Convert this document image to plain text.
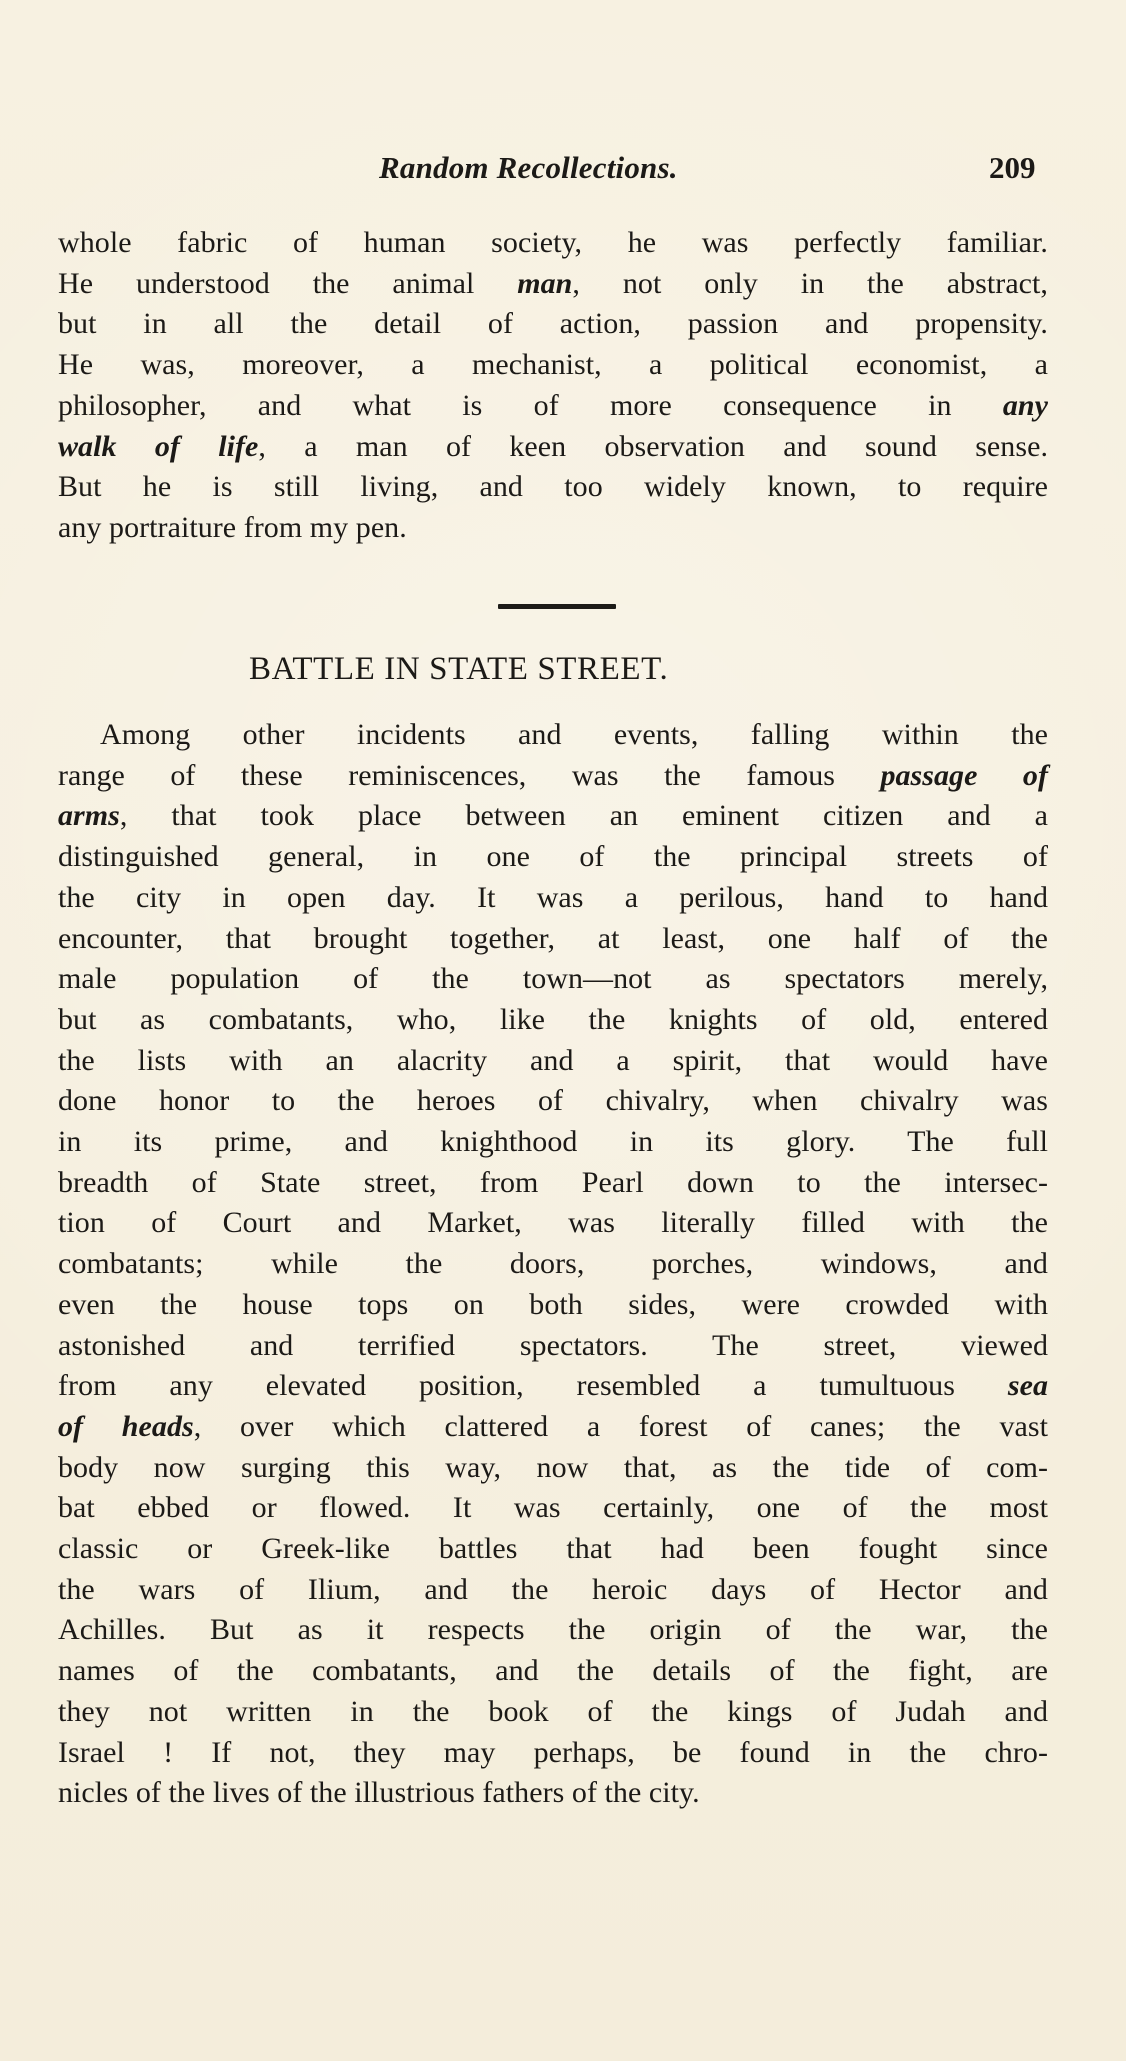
Random Recollections.	209
whole fabric of human society, he was perfectly familiar.
He understood the animal man, not only in the abstract,
but in all the detail of action, passion and propensity.
He was, moreover, a mechanist, a political economist, a
philosopher, and what is of more consequence in any
walk of life, a man of keen observation and sound sense.
But he is still living, and too widely known, to require
any portraiture from my pen.
BATTLE IN STATE STREET.
Among other incidents and events, falling within the
range of these reminiscences, was the famous passage of
arms, that took place between an eminent citizen and a
distinguished general, in one of the principal streets of
the city in open day. It was a perilous, hand to hand
encounter, that brought together, at least, one half of the
male population of the town—not as spectators merely,
but as combatants, who, like the knights of old, entered
the lists with an alacrity and a spirit, that would have
done honor to the heroes of chivalry, when chivalry was
in its prime, and knighthood in its glory. The full
breadth of State street, from Pearl down to the intersec-
tion of Court and Market, was literally filled with the
combatants; while the doors, porches, windows, and
even the house tops on both sides, were crowded with
astonished and terrified spectators. The street, viewed
from any elevated position, resembled a tumultuous sea
of heads, over which clattered a forest of canes; the vast
body now surging this way, now that, as the tide of com-
bat ebbed or flowed. It was certainly, one of the most
classic or Greek-like battles that had been fought since
the wars of Ilium, and the heroic days of Hector and
Achilles. But as it respects the origin of the war, the
names of the combatants, and the details of the fight, are
they not written in the book of the kings of Judah and
Israel ! If not, they may perhaps, be found in the chro-
nicles of the lives of the illustrious fathers of the city.
